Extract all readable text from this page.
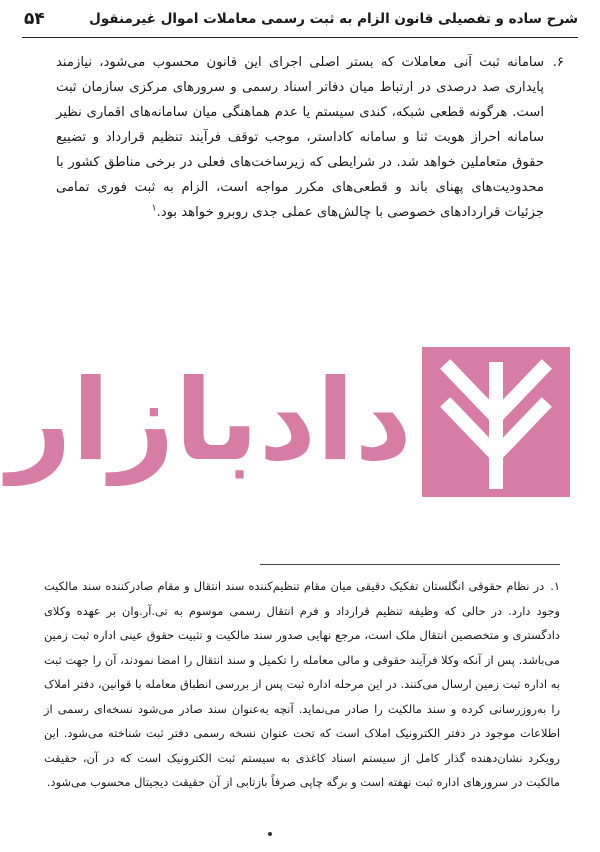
شرح ساده و تفصیلی قانون الزام به ثبت رسمی معاملات اموال غیرمنقول
۵۴
۶.
سامانه ثبت آنی معاملات که بستر اصلی اجرای این قانون محسوب می‌شود، نیازمند پایداری صد درصدی در ارتباط میان دفاتر اسناد رسمی و سرورهای مرکزی سازمان ثبت است. هرگونه قطعی شبکه، کندی سیستم یا عدم هماهنگی میان سامانه‌های اقماری نظیر سامانه احراز هویت ثنا و سامانه کاداستر، موجب توقف فرآیند تنظیم قرارداد و تضییع حقوق متعاملین خواهد شد. در شرایطی که زیرساخت‌های فعلی در برخی مناطق کشور با محدودیت‌های پهنای باند و قطعی‌های مکرر مواجه است، الزام به ثبت فوری تمامی جزئیات قراردادهای خصوصی با چالش‌های عملی جدی روبرو خواهد بود.$^۱$
دادبازار
۱.در نظام حقوقی انگلستان تفکیک دقیقی میان مقام تنظیم‌کننده سند انتقال و مقام صادرکننده سند مالکیت وجود دارد. در حالی که وظیفه تنظیم قرارداد و فرم انتقال رسمی موسوم به تی.آر.وان بر عهده وکلای دادگستری و متخصصین انتقال ملک است، مرجع نهایی صدور سند مالکیت و تثبیت حقوق عینی اداره ثبت زمین می‌باشد. پس از آنکه وکلا فرآیند حقوقی و مالی معامله را تکمیل و سند انتقال را امضا نمودند، آن را جهت ثبت به اداره ثبت زمین ارسال می‌کنند. در این مرحله اداره ثبت پس از بررسی انطباق معامله با قوانین، دفتر املاک را به‌روزرسانی کرده و سند مالکیت را صادر می‌نماید. آنچه به‌عنوان سند صادر می‌شود نسخه‌ای رسمی از اطلاعات موجود در دفتر الکترونیک املاک است که تحت عنوان نسخه رسمی دفتر ثبت شناخته می‌شود. این رویکرد نشان‌دهنده گذار کامل از سیستم اسناد کاغذی به سیستم ثبت الکترونیک است که در آن، حقیقت مالکیت در سرورهای اداره ثبت نهفته است و برگه چاپی صرفاً بازتابی از آن حقیقت دیجیتال محسوب می‌شود.
